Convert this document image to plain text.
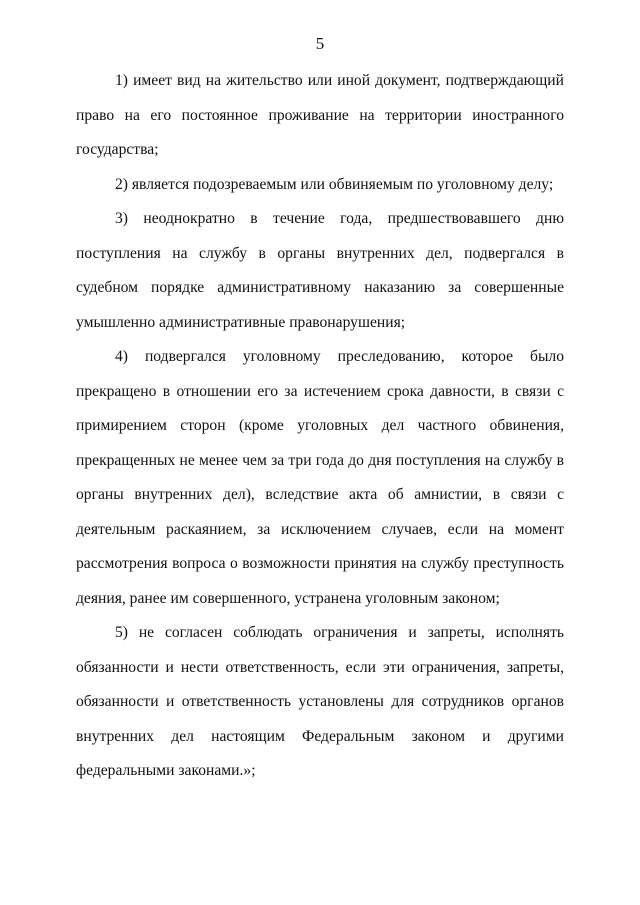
5

1) имеет вид на жительство или иной документ, подтверждающий право на его постоянное проживание на территории иностранного государства;

2) является подозреваемым или обвиняемым по уголовному делу;

3) неоднократно в течение года, предшествовавшего дню поступления на службу в органы внутренних дел, подвергался в судебном порядке административному наказанию за совершенные умышленно административные правонарушения;

4) подвергался уголовному преследованию, которое было прекращено в отношении его за истечением срока давности, в связи с примирением сторон (кроме уголовных дел частного обвинения, прекращенных не менее чем за три года до дня поступления на службу в органы внутренних дел), вследствие акта об амнистии, в связи с деятельным раскаянием, за исключением случаев, если на момент рассмотрения вопроса о возможности принятия на службу преступность деяния, ранее им совершенного, устранена уголовным законом;

5) не согласен соблюдать ограничения и запреты, исполнять обязанности и нести ответственность, если эти ограничения, запреты, обязанности и ответственность установлены для сотрудников органов внутренних дел настоящим Федеральным законом и другими федеральными законами.»;
